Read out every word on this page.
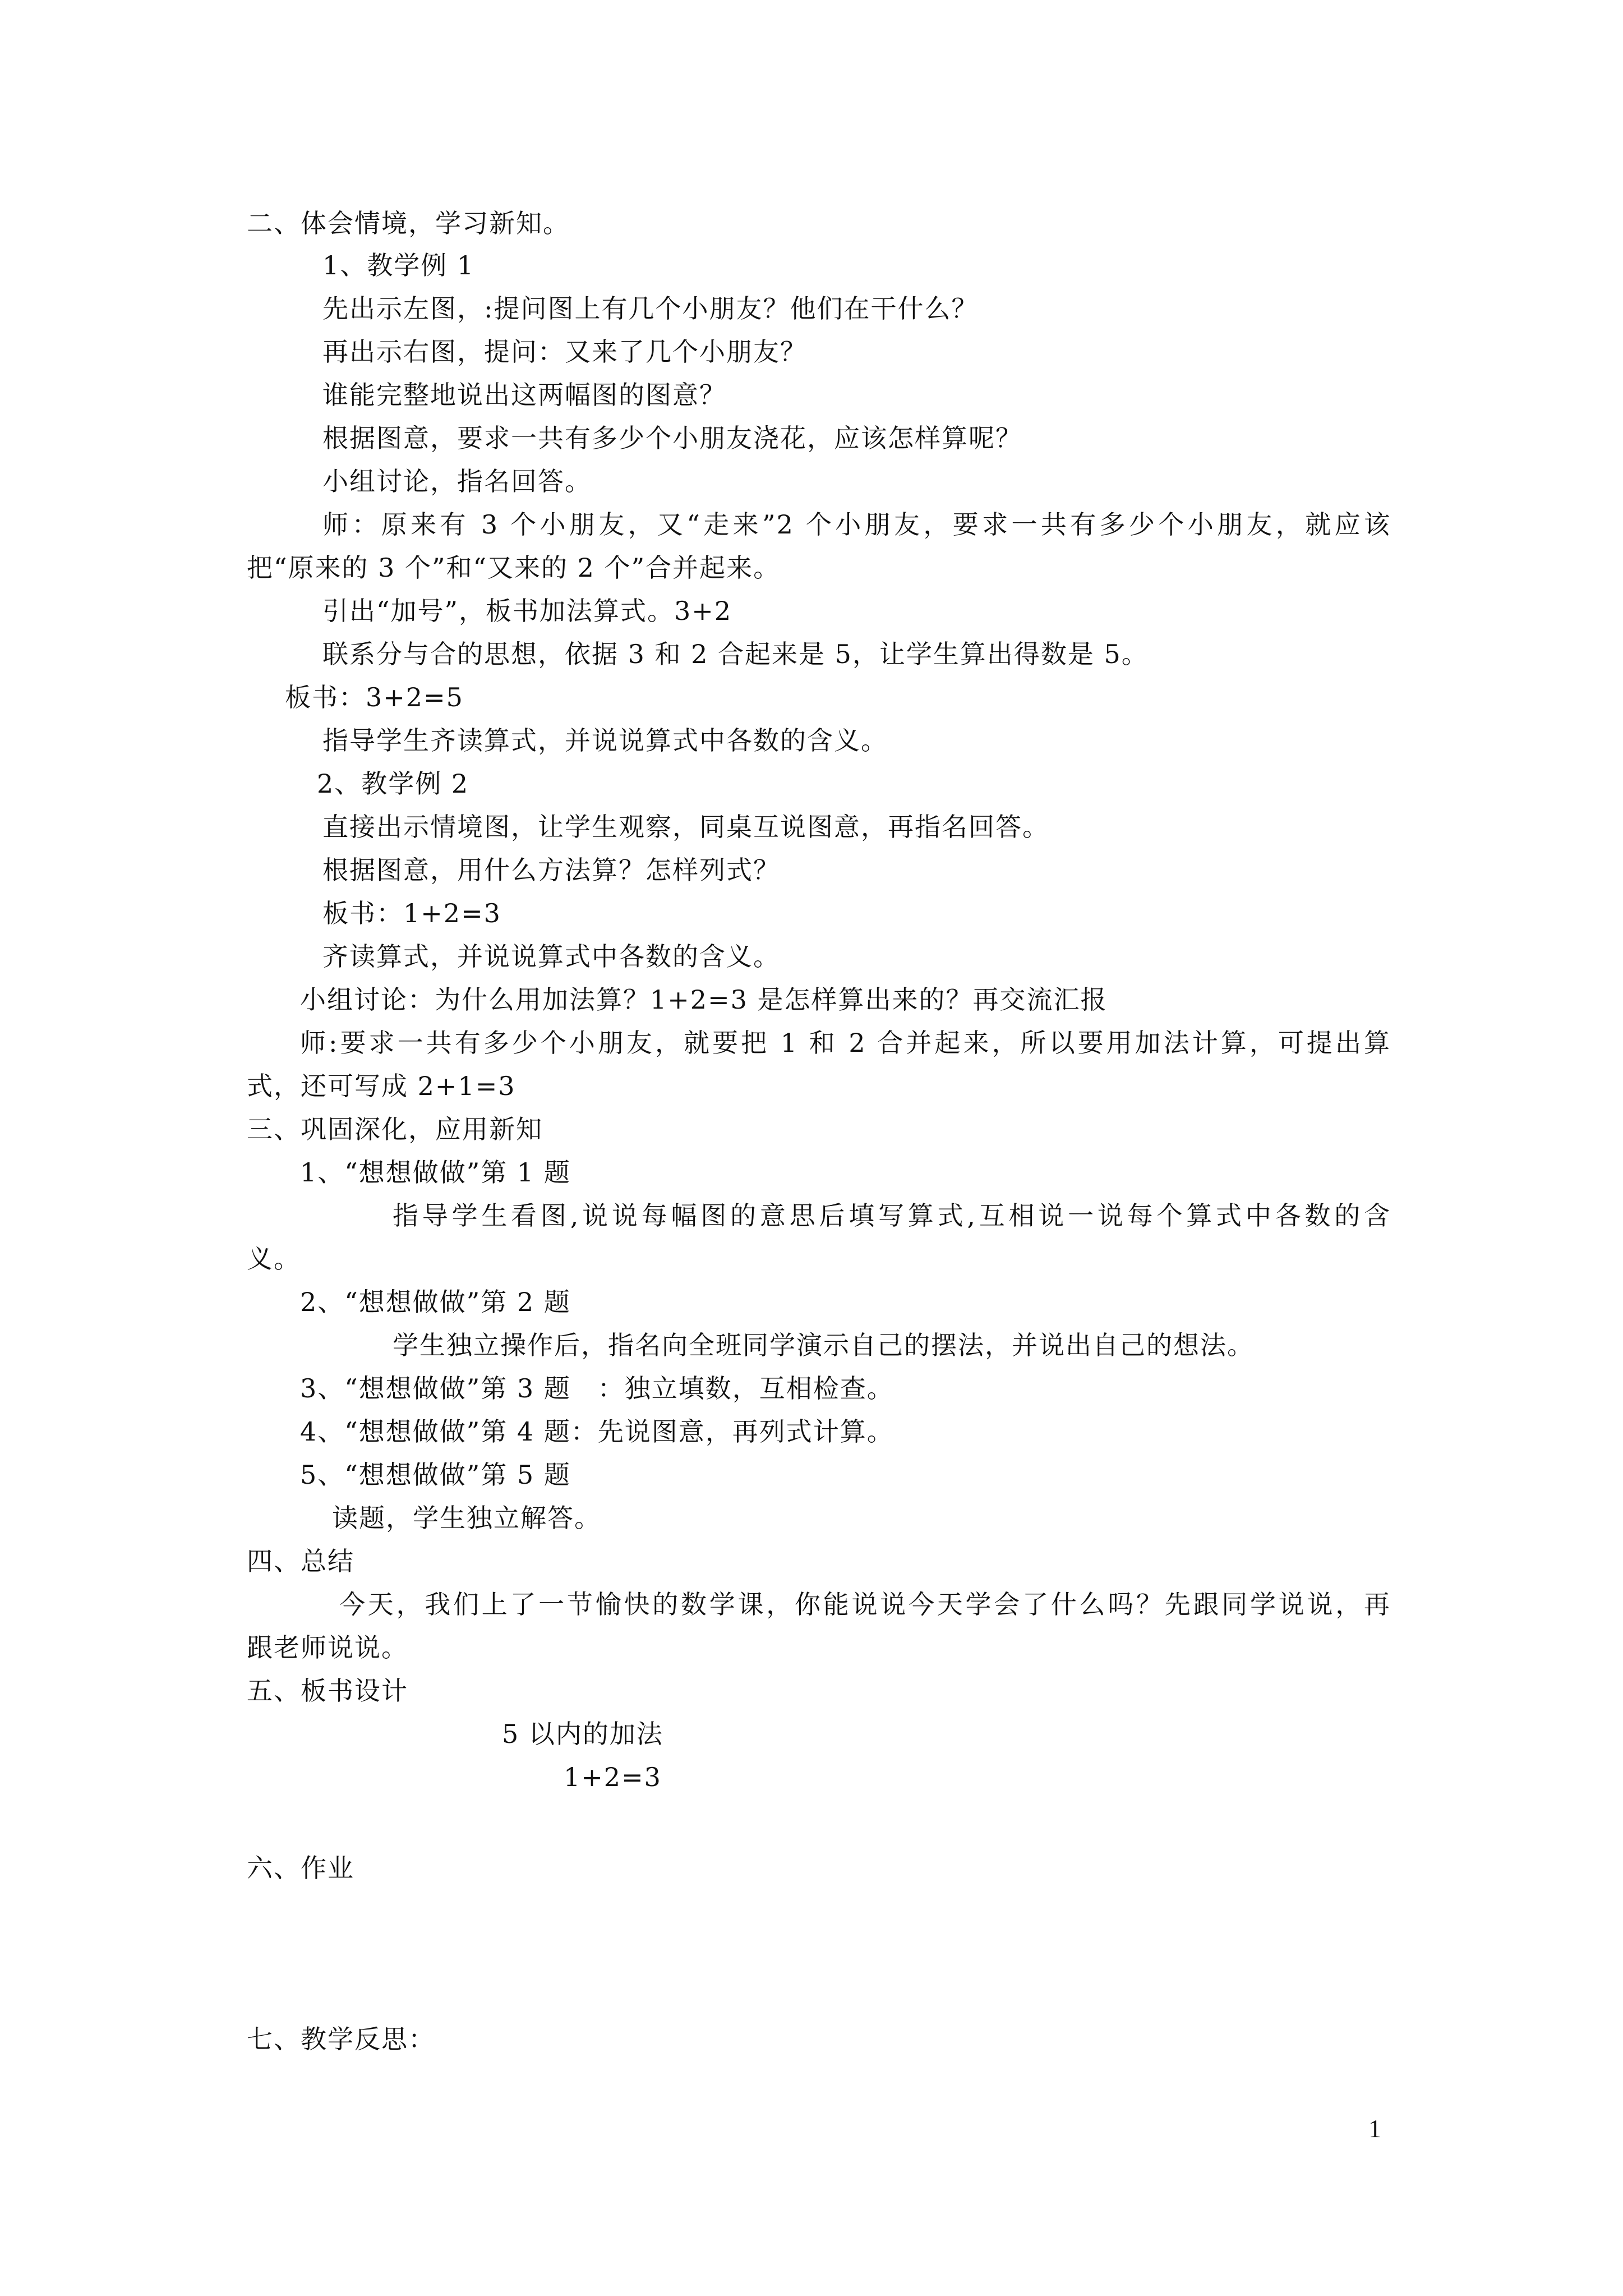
二、体会情境，学习新知。
1、教学例 1
先出示左图，:提问图上有几个小朋友？他们在干什么？
再出示右图，提问：又来了几个小朋友？
谁能完整地说出这两幅图的图意？
根据图意，要求一共有多少个小朋友浇花，应该怎样算呢？
小组讨论，指名回答。
师：原来有 3 个小朋友，又“走来”2 个小朋友，要求一共有多少个小朋友，就应该
把“原来的 3 个”和“又来的 2 个”合并起来。
引出“加号”，板书加法算式。3+2
联系分与合的思想，依据 3 和 2 合起来是 5，让学生算出得数是 5。
板书：3+2=5
指导学生齐读算式，并说说算式中各数的含义。
2、教学例 2
直接出示情境图，让学生观察，同桌互说图意，再指名回答。
根据图意，用什么方法算？怎样列式？
板书：1+2=3
齐读算式，并说说算式中各数的含义。
小组讨论：为什么用加法算？1+2=3 是怎样算出来的？再交流汇报
师:要求一共有多少个小朋友，就要把 1 和 2 合并起来，所以要用加法计算，可提出算
式，还可写成 2+1=3
三、巩固深化，应用新知
1、“想想做做”第 1 题
指导学生看图,说说每幅图的意思后填写算式,互相说一说每个算式中各数的含
义。
2、“想想做做”第 2 题
学生独立操作后，指名向全班同学演示自己的摆法，并说出自己的想法。
3、“想想做做”第 3 题　：独立填数，互相检查。
4、“想想做做”第 4 题：先说图意，再列式计算。
5、“想想做做”第 5 题
读题，学生独立解答。
四、总结
今天，我们上了一节愉快的数学课，你能说说今天学会了什么吗？先跟同学说说，再
跟老师说说。
五、板书设计
5 以内的加法
1+2=3
六、作业
七、教学反思：
1
